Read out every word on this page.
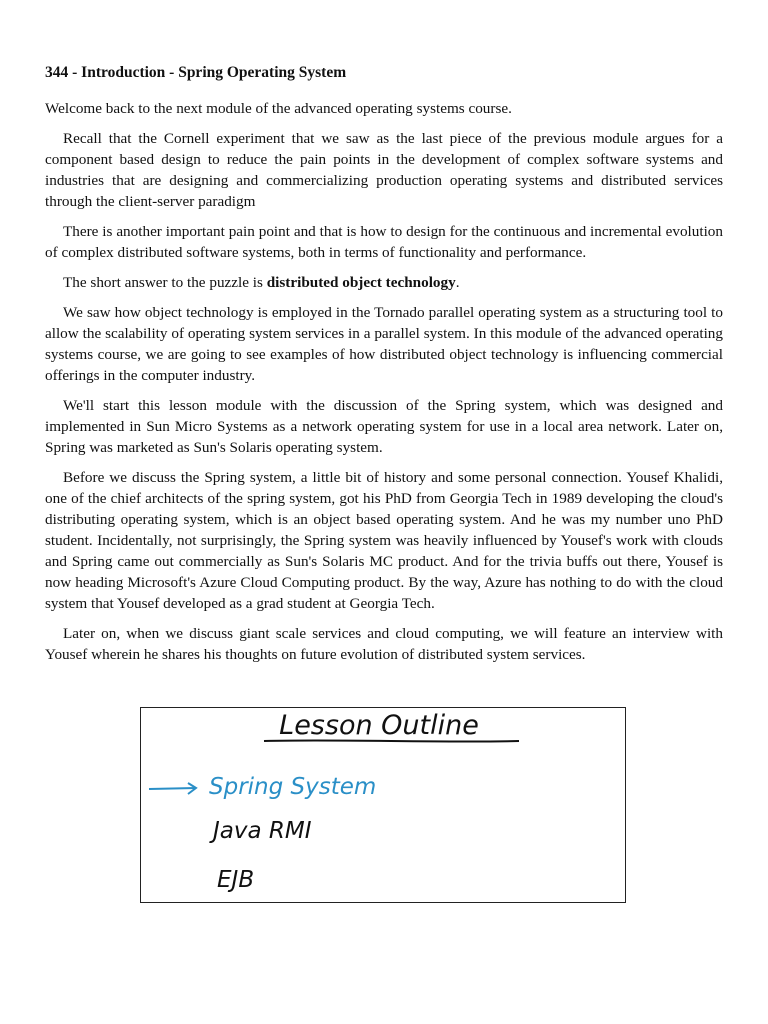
344 - Introduction - Spring Operating System

Welcome back to the next module of the advanced operating systems course.

Recall that the Cornell experiment that we saw as the last piece of the previous module argues for a component based design to reduce the pain points in the development of complex software systems and industries that are designing and commercializing production operating systems and distributed services through the client-server paradigm

There is another important pain point and that is how to design for the continuous and incremental evolution of complex distributed software systems, both in terms of functionality and performance.

The short answer to the puzzle is distributed object technology.

We saw how object technology is employed in the Tornado parallel operating system as a structuring tool to allow the scalability of operating system services in a parallel system. In this module of the advanced operating systems course, we are going to see examples of how distributed object technology is influencing commercial offerings in the computer industry.

We'll start this lesson module with the discussion of the Spring system, which was designed and implemented in Sun Micro Systems as a network operating system for use in a local area network. Later on, Spring was marketed as Sun's Solaris operating system.

Before we discuss the Spring system, a little bit of history and some personal connection. Yousef Khalidi, one of the chief architects of the spring system, got his PhD from Georgia Tech in 1989 developing the cloud's distributing operating system, which is an object based operating system. And he was my number uno PhD student. Incidentally, not surprisingly, the Spring system was heavily influenced by Yousef's work with clouds and Spring came out commercially as Sun's Solaris MC product. And for the trivia buffs out there, Yousef is now heading Microsoft's Azure Cloud Computing product. By the way, Azure has nothing to do with the cloud system that Yousef developed as a grad student at Georgia Tech.

Later on, when we discuss giant scale services and cloud computing, we will feature an interview with Yousef wherein he shares his thoughts on future evolution of distributed system services.

Lesson Outline
Spring System
Java RMI
EJB
